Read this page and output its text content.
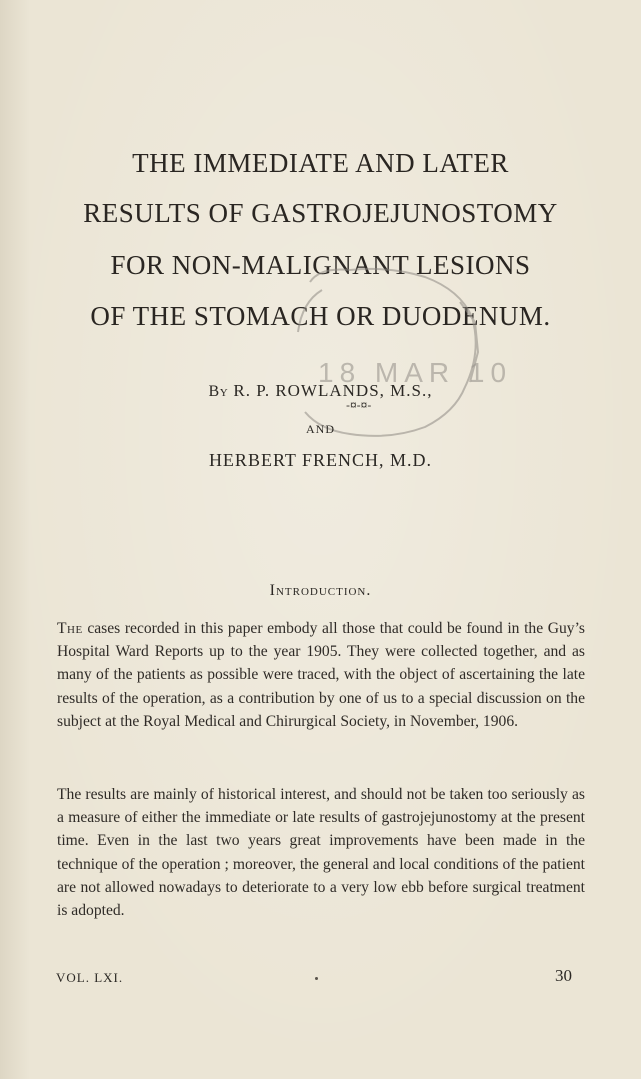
THE IMMEDIATE AND LATER
RESULTS OF GASTROJEJUNOSTOMY
FOR NON-MALIGNANT LESIONS
OF THE STOMACH OR DUODENUM.
18 MAR 10
-¤-¤-
By R. P. ROWLANDS, M.S.,
AND
HERBERT FRENCH, M.D.
Introduction.
The cases recorded in this paper embody all those that could be found in the Guy’s Hospital Ward Reports up to the year 1905. They were collected together, and as many of the patients as possible were traced, with the object of ascertaining the late results of the operation, as a contribution by one of us to a special discussion on the subject at the Royal Medical and Chirurgical Society, in November, 1906.
The results are mainly of historical interest, and should not be taken too seriously as a measure of either the immediate or late results of gastrojejunostomy at the present time. Even in the last two years great improvements have been made in the technique of the operation ; moreover, the general and local conditions of the patient are not allowed nowadays to deteriorate to a very low ebb before surgical treatment is adopted.
VOL. LXI.	30
